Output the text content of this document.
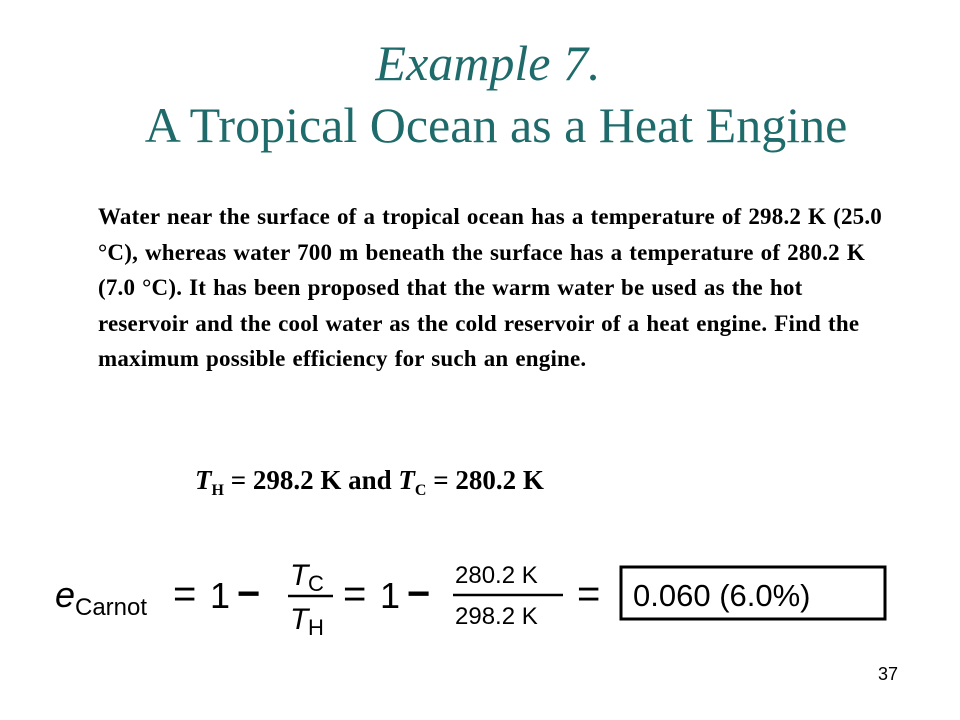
Example 7.
A Tropical Ocean as a Heat Engine

Water near the surface of a tropical ocean has a temperature of 298.2 K (25.0 °C), whereas water 700 m beneath the surface has a temperature of 280.2 K (7.0 °C). It has been proposed that the warm water be used as the hot reservoir and the cool water as the cold reservoir of a heat engine. Find the maximum possible efficiency for such an engine.

$T_H = 298.2$ K and $T_C = 280.2$ K
e Carnot = 1 − T C
T H
= 1 − 280.2 K
298.2 K
= 0.060 (6.0%)
37
